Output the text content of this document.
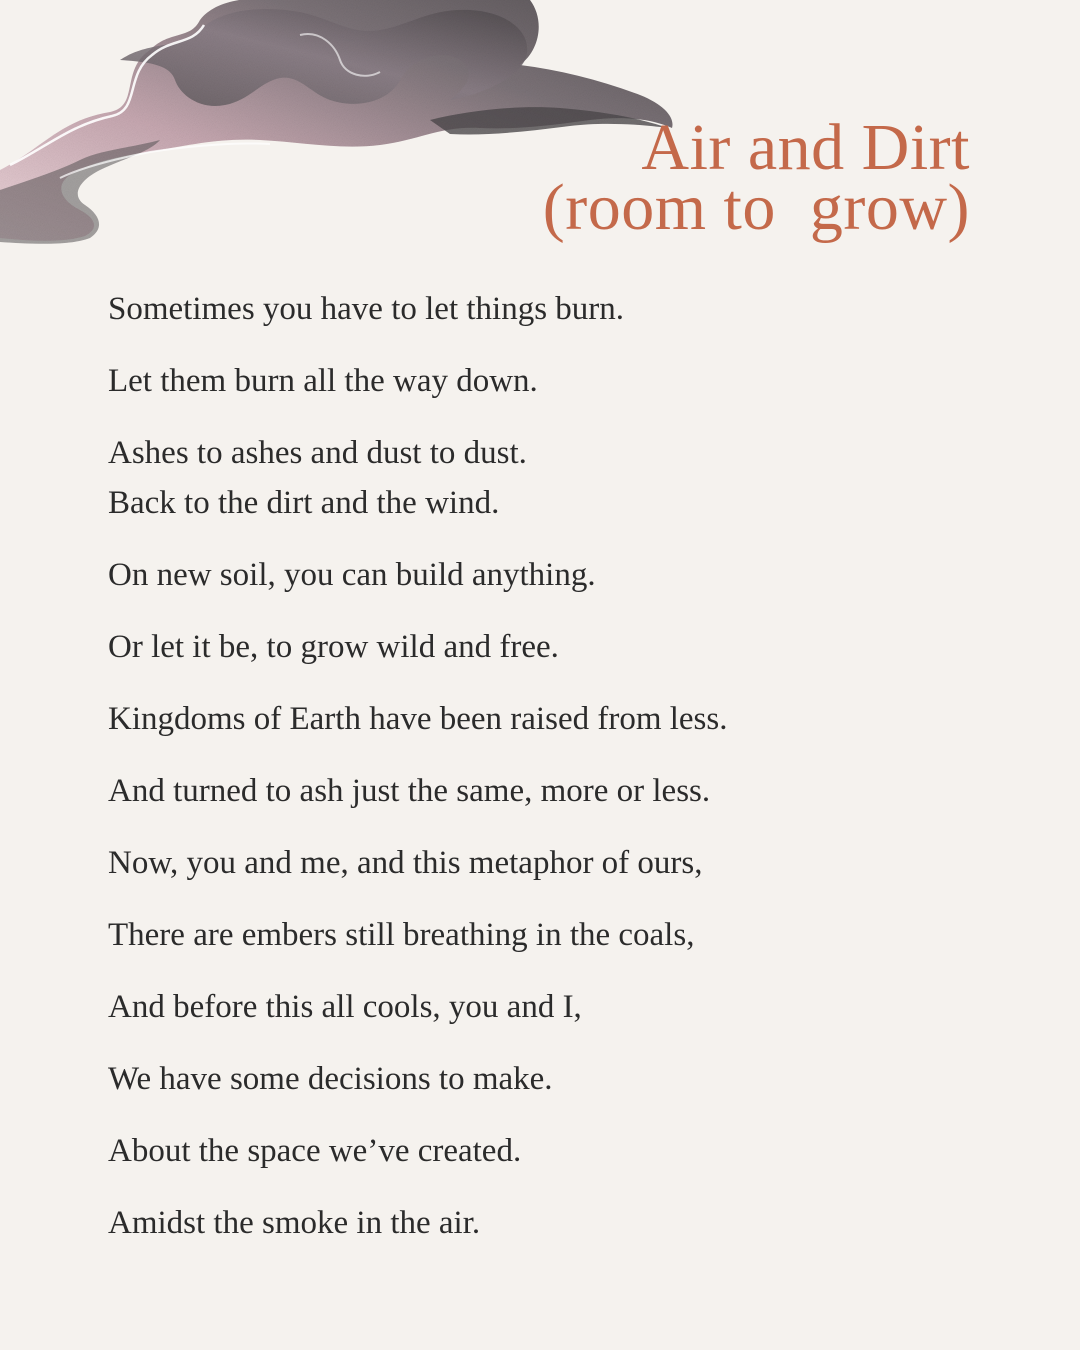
Air and Dirt
(room to  grow)

Sometimes you have to let things burn.

Let them burn all the way down.

Ashes to ashes and dust to dust.
Back to the dirt and the wind.

On new soil, you can build anything.

Or let it be, to grow wild and free.

Kingdoms of Earth have been raised from less.

And turned to ash just the same, more or less.

Now, you and me, and this metaphor of ours,

There are embers still breathing in the coals,

And before this all cools, you and I,

We have some decisions to make.

About the space we’ve created.

Amidst the smoke in the air.
